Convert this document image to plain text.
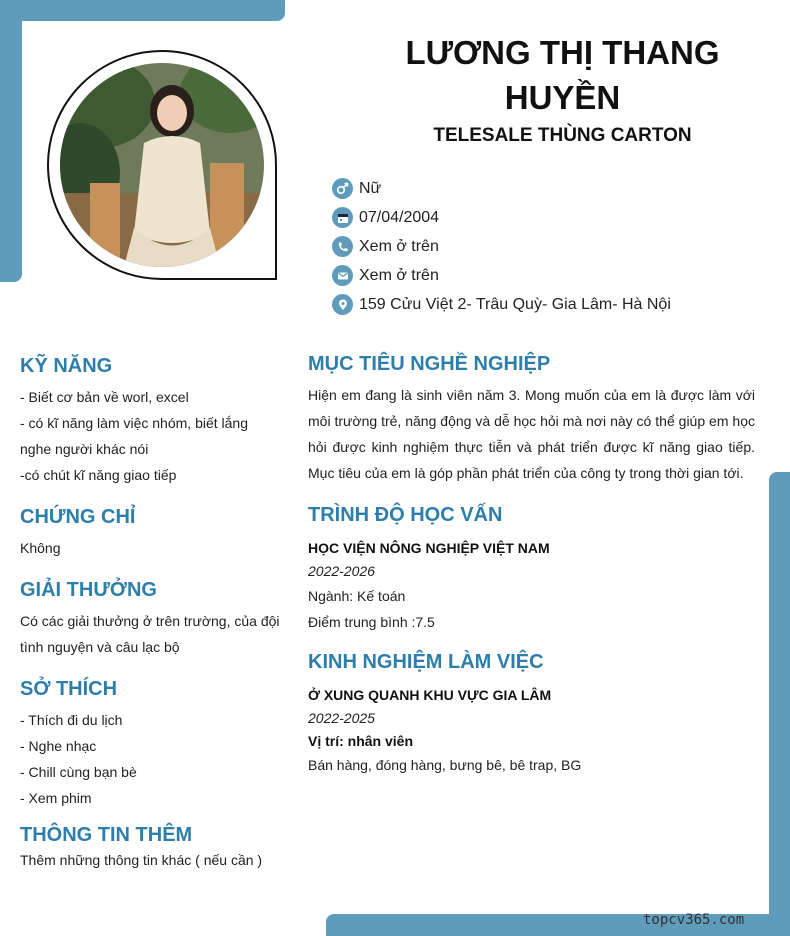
LƯƠNG THỊ THANG HUYỀN
TELESALE THÙNG CARTON
Nữ
07/04/2004
Xem ở trên
Xem ở trên
159 Cửu Việt 2- Trâu Quỳ- Gia Lâm- Hà Nội
KỸ NĂNG
- Biết cơ bản về worl, excel
- có kĩ năng làm việc nhóm, biết lắng
nghe người khác nói
-có chút kĩ năng giao tiếp
CHỨNG CHỈ
Không
GIẢI THƯỞNG
Có các giải thưởng ở trên trường, của đội
tình nguyện và câu lạc bộ
SỞ THÍCH
- Thích đi du lịch
- Nghe nhạc
- Chill cùng bạn bè
- Xem phim
THÔNG TIN THÊM
Thêm những thông tin khác ( nếu cần )
MỤC TIÊU NGHỀ NGHIỆP
Hiện em đang là sinh viên năm 3. Mong muốn của em là được làm với môi trường trẻ, năng động và dễ học hỏi mà nơi này có thể giúp em học hỏi được kinh nghiệm thực tiễn và phát triển được kĩ năng giao tiếp. Mục tiêu của em là góp phần phát triển của công ty trong thời gian tới.
TRÌNH ĐỘ HỌC VẤN
HỌC VIỆN NÔNG NGHIỆP VIỆT NAM
2022-2026
Ngành: Kế toán
Điểm trung bình :7.5
KINH NGHIỆM LÀM VIỆC
Ở XUNG QUANH KHU VỰC GIA LÂM
2022-2025
Vị trí: nhân viên
Bán hàng, đóng hàng, bưng bê, bê trap, BG
topcv365.com
